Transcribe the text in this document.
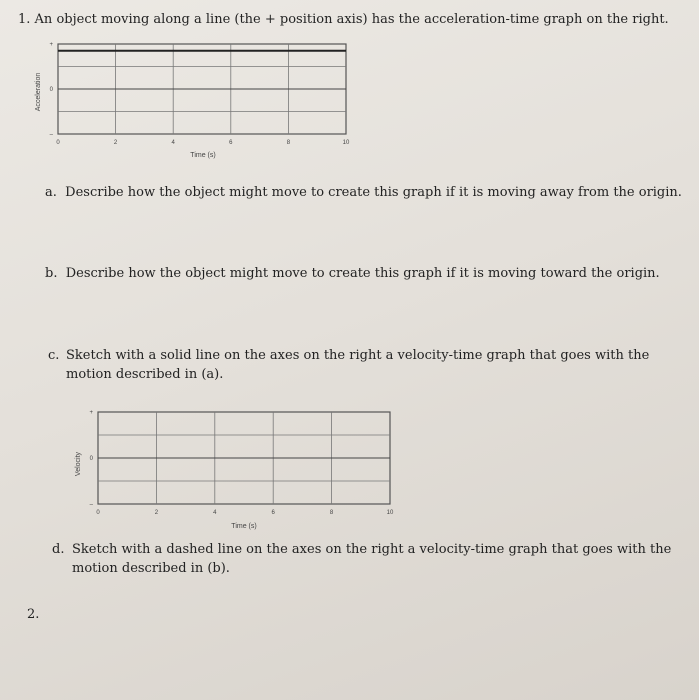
1. An object moving along a line (the + position axis) has the acceleration-time graph on the right.
Acceleration
Time (s)
0	2	4	6	8	10
+
0
–
a. Describe how the object might move to create this graph if it is moving away from the origin.
b. Describe how the object might move to create this graph if it is moving toward the origin.
c. Sketch with a solid line on the axes on the right a velocity-time graph that goes with the motion described in (a).
Velocity
Time (s)
0	2	4	6	8	10
+
0
–
d. Sketch with a dashed line on the axes on the right a velocity-time graph that goes with the motion described in (b).
2.
